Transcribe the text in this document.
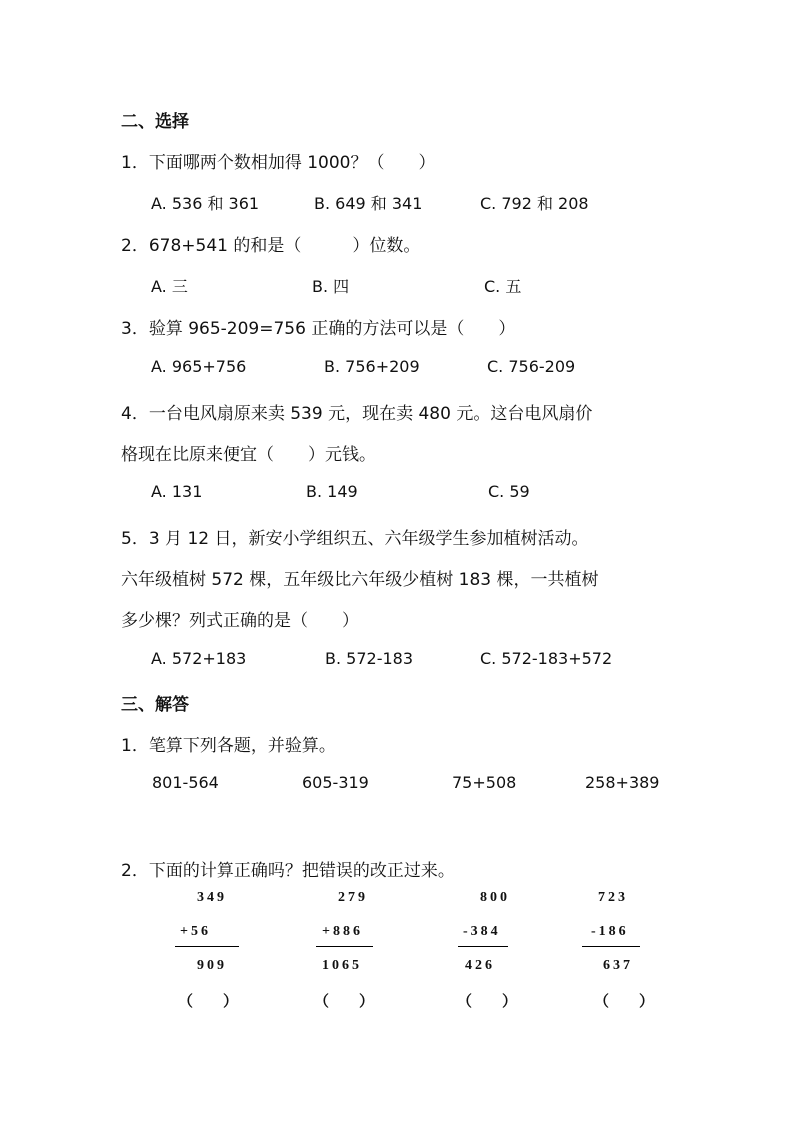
二、选择
1．下面哪两个数相加得 1000？（　　）
A. 536 和 361	B. 649 和 341	C. 792 和 208
2．678+541 的和是（　　　）位数。
A. 三	B. 四	C. 五
3．验算 965-209=756 正确的方法可以是（　　）
A. 965+756	B. 756+209	C. 756-209
4．一台电风扇原来卖 539 元，现在卖 480 元。这台电风扇价
格现在比原来便宜（　　）元钱。
A. 131	B. 149	C. 59
5．3 月 12 日，新安小学组织五、六年级学生参加植树活动。
六年级植树 572 棵，五年级比六年级少植树 183 棵，一共植树
多少棵？列式正确的是（　　）
A. 572+183	B. 572-183	C. 572-183+572
三、解答
1．笔算下列各题，并验算。
801-564	605-319	75+508	258+389
2．下面的计算正确吗？把错误的改正过来。
349
+56
909
（　　）
279
+886
1065
（　　）
800
-384
426
（　　）
723
-186
637
（　　）
